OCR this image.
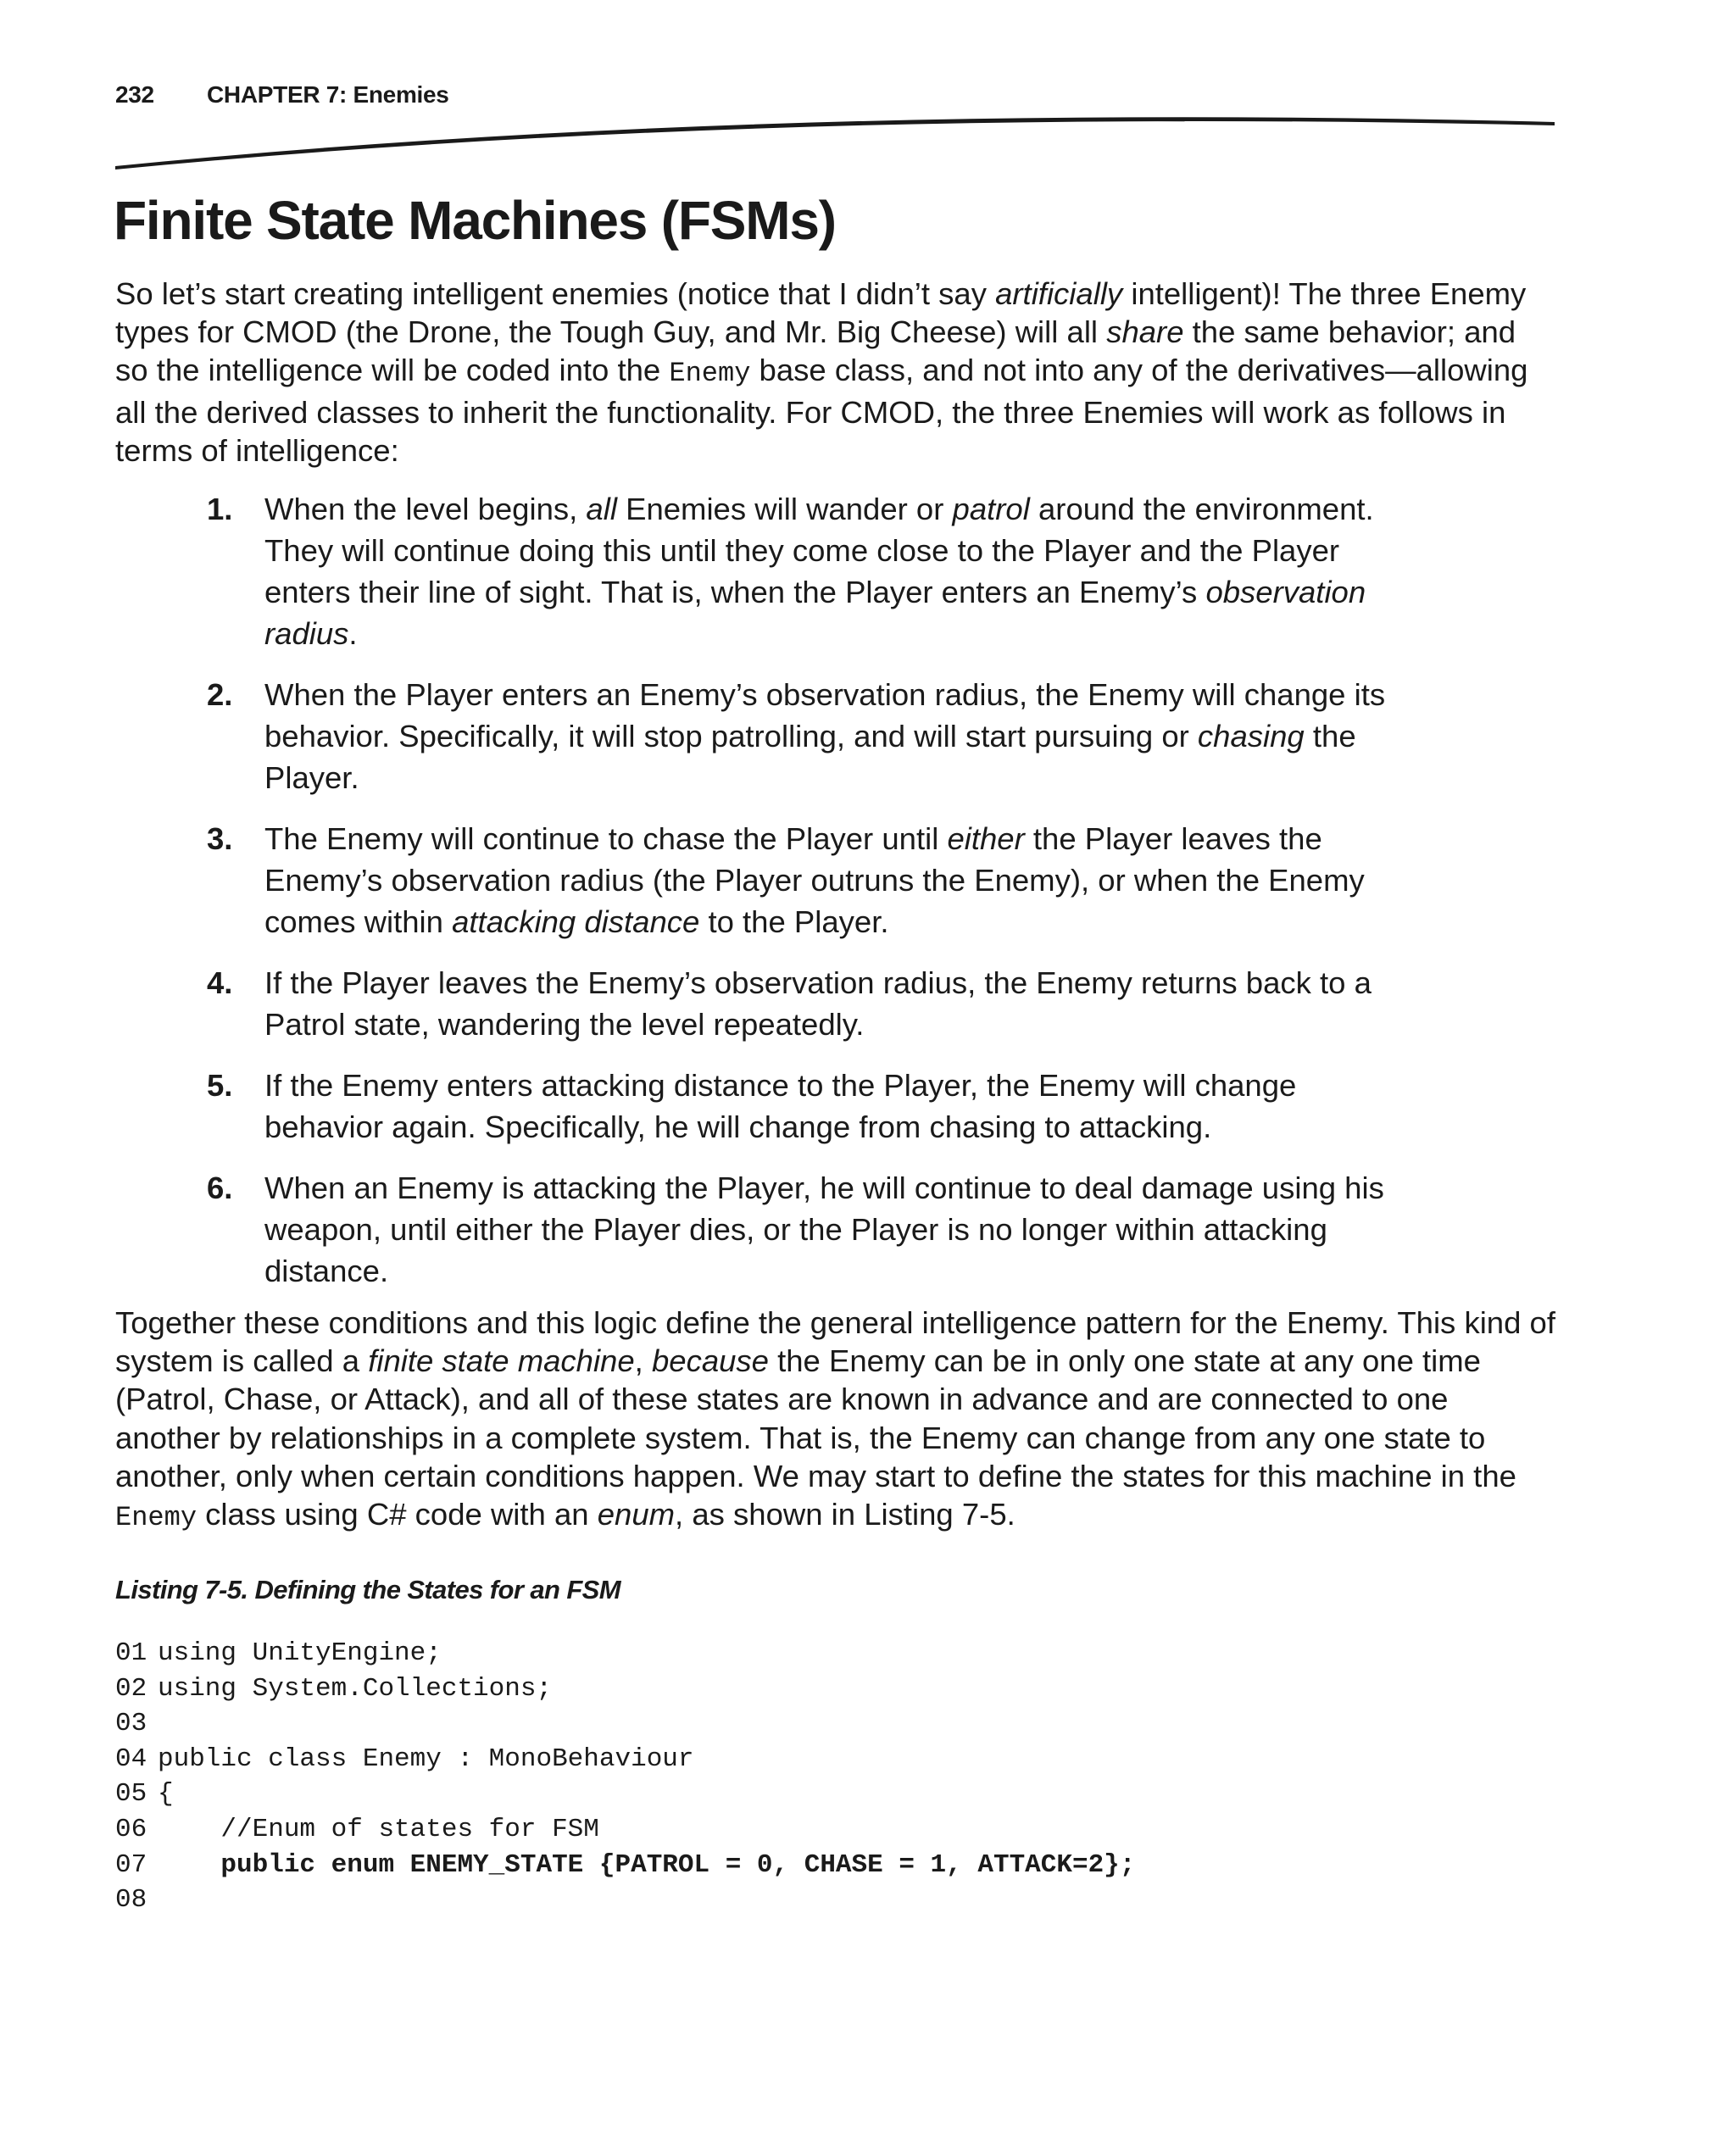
232 CHAPTER 7: Enemies
Finite State Machines (FSMs)

So let’s start creating intelligent enemies (notice that I didn’t say artificially intelligent)! The three Enemy types for CMOD (the Drone, the Tough Guy, and Mr. Big Cheese) will all share the same behavior; and so the intelligence will be coded into the Enemy base class, and not into any of the derivatives—allowing all the derived classes to inherit the functionality. For CMOD, the three Enemies will work as follows in terms of intelligence:

1. When the level begins, all Enemies will wander or patrol around the environment. They will continue doing this until they come close to the Player and the Player enters their line of sight. That is, when the Player enters an Enemy’s observation radius.
2. When the Player enters an Enemy’s observation radius, the Enemy will change its behavior. Specifically, it will stop patrolling, and will start pursuing or chasing the Player.
3. The Enemy will continue to chase the Player until either the Player leaves the Enemy’s observation radius (the Player outruns the Enemy), or when the Enemy comes within attacking distance to the Player.
4. If the Player leaves the Enemy’s observation radius, the Enemy returns back to a Patrol state, wandering the level repeatedly.
5. If the Enemy enters attacking distance to the Player, the Enemy will change behavior again. Specifically, he will change from chasing to attacking.
6. When an Enemy is attacking the Player, he will continue to deal damage using his weapon, until either the Player dies, or the Player is no longer within attacking distance.

Together these conditions and this logic define the general intelligence pattern for the Enemy. This kind of system is called a finite state machine, because the Enemy can be in only one state at any one time (Patrol, Chase, or Attack), and all of these states are known in advance and are connected to one another by relationships in a complete system. That is, the Enemy can change from any one state to another, only when certain conditions happen. We may start to define the states for this machine in the Enemy class using C# code with an enum, as shown in Listing 7-5.

Listing 7-5. Defining the States for an FSM

01 using UnityEngine;
02 using System.Collections;
03
04 public class Enemy : MonoBehaviour
05 {
06    //Enum of states for FSM
07    public enum ENEMY_STATE {PATROL = 0, CHASE = 1, ATTACK=2};
08
